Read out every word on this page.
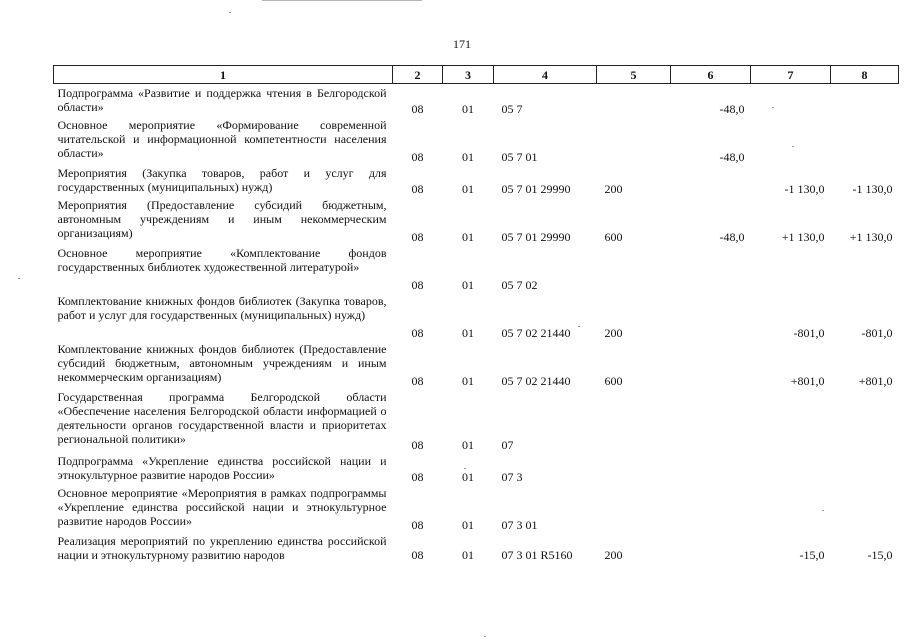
171
1	2	3	4	5	6	7	8
Подпрограмма «Развитие и поддержка чтения в Белгородской области»	08	01	05 7		-48,0		
Основное мероприятие «Формирование современной читательской и информационной компетентности населения области»	08	01	05 7 01		-48,0		
Мероприятия (Закупка товаров, работ и услуг для государственных (муниципальных) нужд)	08	01	05 7 01 29990	200		-1 130,0	-1 130,0
Мероприятия (Предоставление субсидий бюджетным, автономным учреждениям и иным некоммерческим организациям)	08	01	05 7 01 29990	600	-48,0	+1 130,0	+1 130,0
Основное мероприятие «Комплектование фондов государственных библиотек художественной литературой»	08	01	05 7 02				
Комплектование книжных фондов библиотек (Закупка товаров, работ и услуг для государственных (муниципальных) нужд)	08	01	05 7 02 21440	200		-801,0	-801,0
Комплектование книжных фондов библиотек (Предоставление субсидий бюджетным, автономным учреждениям и иным некоммерческим организациям)	08	01	05 7 02 21440	600		+801,0	+801,0
Государственная программа Белгородской области «Обеспечение населения Белгородской области информацией о деятельности органов государственной власти и приоритетах региональной политики»	08	01	07				
Подпрограмма «Укрепление единства российской нации и этнокультурное развитие народов России»	08	01	07 3				
Основное мероприятие «Мероприятия в рамках подпрограммы «Укрепление единства российской нации и этнокультурное развитие народов России»	08	01	07 3 01				
Реализация мероприятий по укреплению единства российской нации и этнокультурному развитию народов	08	01	07 3 01 R5160	200		-15,0	-15,0
